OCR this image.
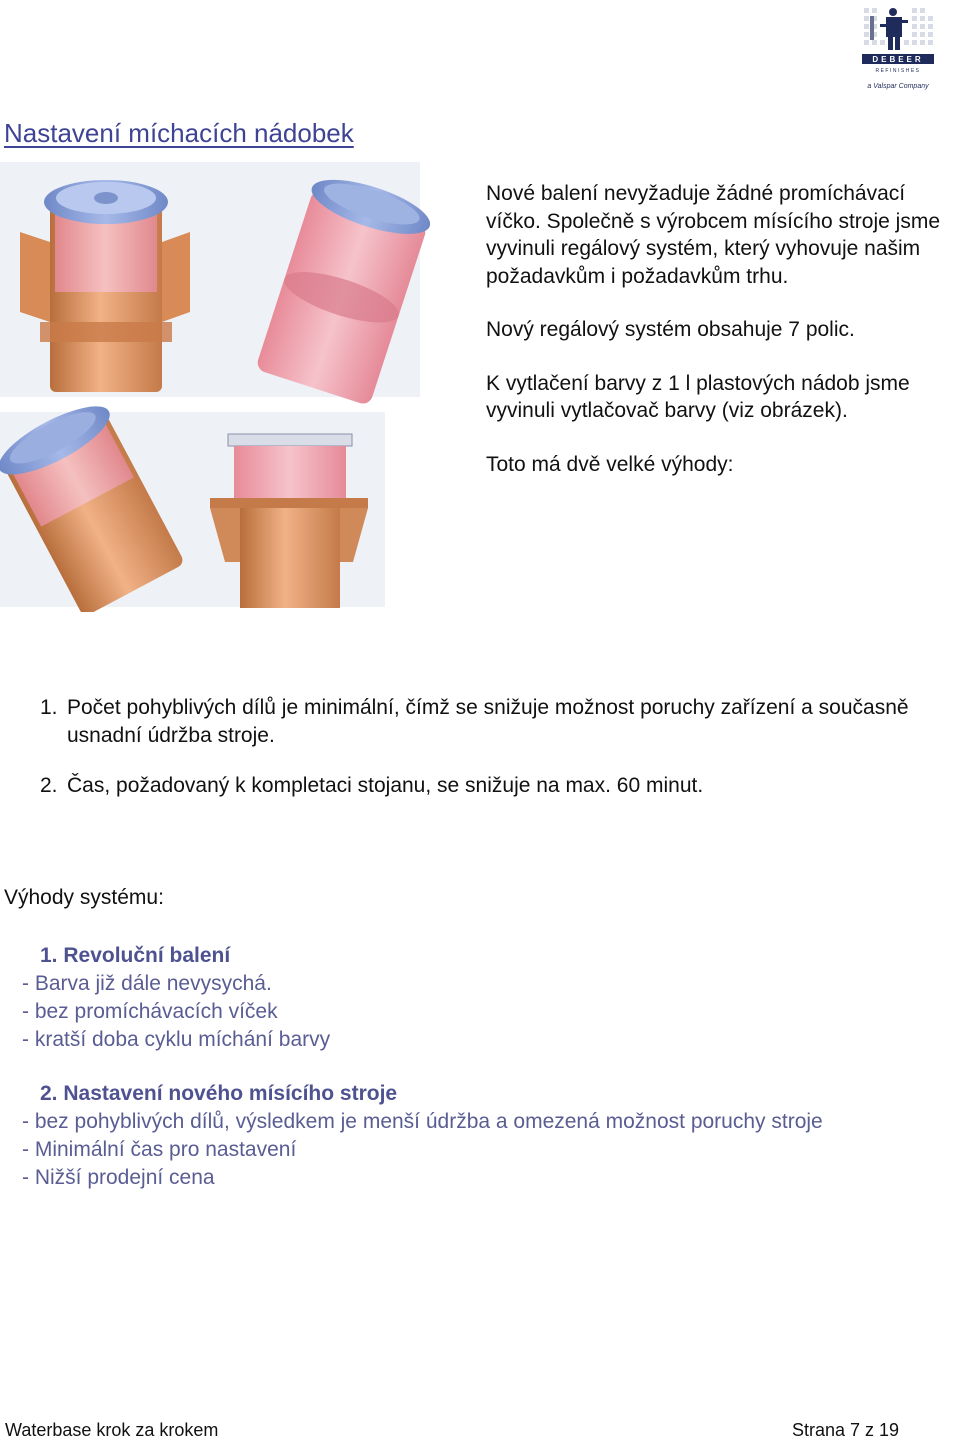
DEBEER
REFINISHES
a Valspar Company
Nastavení míchacích nádobek

Nové balení nevyžaduje žádné promíchávací víčko. Společně s výrobcem mísícího stroje jsme vyvinuli regálový systém, který vyhovuje našim požadavkům i požadavkům trhu.

Nový regálový systém obsahuje 7 polic.

K vytlačení barvy z 1 l plastových nádob jsme vyvinuli vytlačovač barvy (viz obrázek).

Toto má dvě velké výhody:

1. Počet pohyblivých dílů je minimální, čímž se snižuje možnost poruchy zařízení a současně usnadní údržba stroje.
2. Čas, požadovaný k kompletaci stojanu, se snižuje na max. 60 minut.
Výhody systému:
1. Revoluční balení
- Barva již dále nevysychá.
- bez promíchávacích víček
- kratší doba cyklu míchání barvy
2. Nastavení nového mísícího stroje
- bez pohyblivých dílů, výsledkem je menší údržba a omezená možnost poruchy stroje
- Minimální čas pro nastavení
- Nižší prodejní cena
Waterbase krok za krokem	Strana 7 z 19
